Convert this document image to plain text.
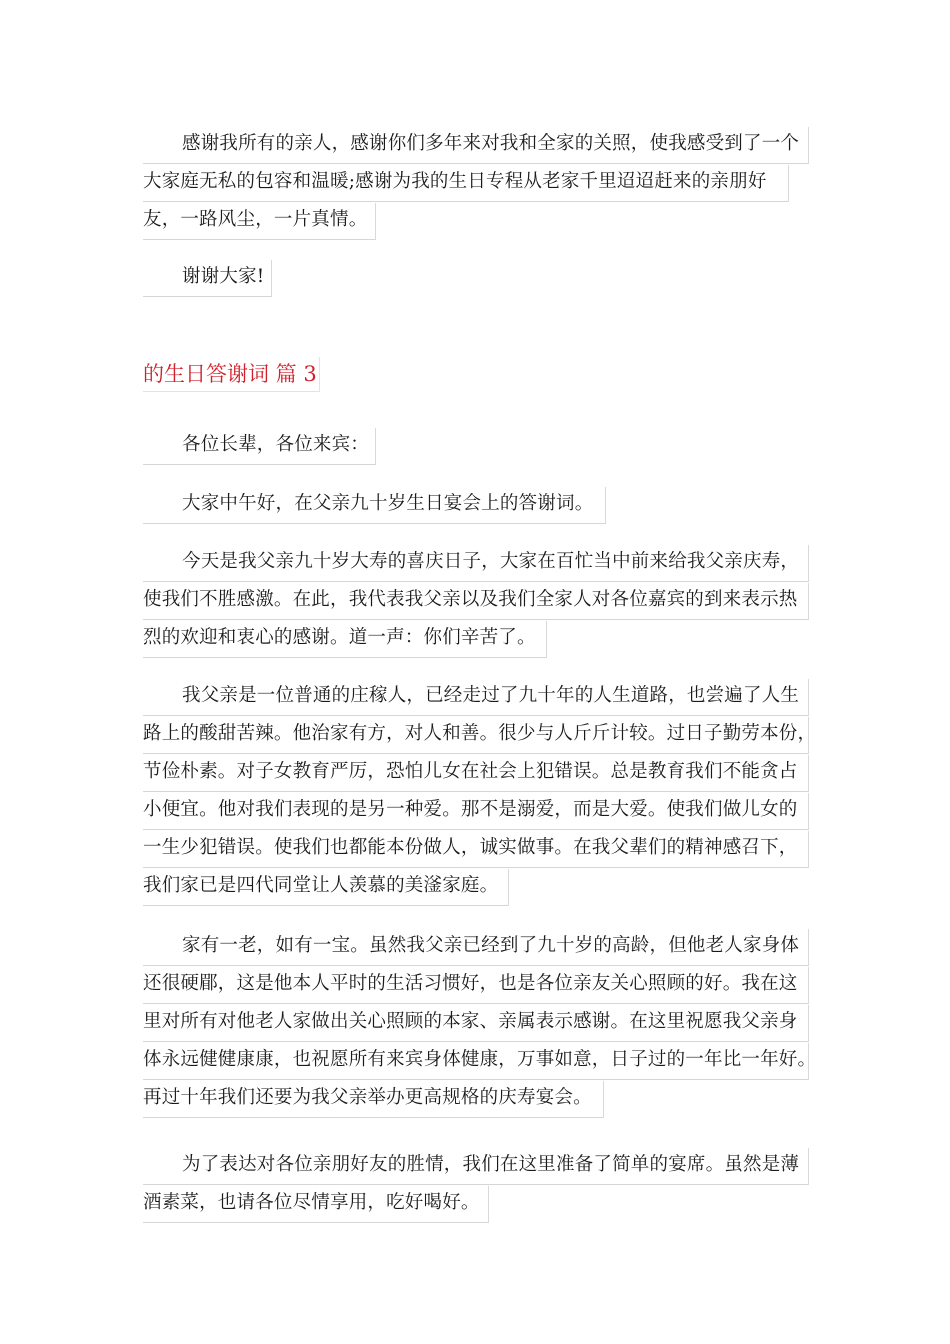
感谢我所有的亲人，感谢你们多年来对我和全家的关照，使我感受到了一个
大家庭无私的包容和温暖;感谢为我的生日专程从老家千里迢迢赶来的亲朋好
友，一路风尘，一片真情。
谢谢大家!
的生日答谢词 篇 3
各位长辈，各位来宾：
大家中午好，在父亲九十岁生日宴会上的答谢词。
今天是我父亲九十岁大寿的喜庆日子，大家在百忙当中前来给我父亲庆寿，
使我们不胜感激。在此，我代表我父亲以及我们全家人对各位嘉宾的到来表示热
烈的欢迎和衷心的感谢。道一声：你们辛苦了。
我父亲是一位普通的庄稼人，已经走过了九十年的人生道路，也尝遍了人生
路上的酸甜苦辣。他治家有方，对人和善。很少与人斤斤计较。过日子勤劳本份，
节俭朴素。对子女教育严厉，恐怕儿女在社会上犯错误。总是教育我们不能贪占
小便宜。他对我们表现的是另一种爱。那不是溺爱，而是大爱。使我们做儿女的
一生少犯错误。使我们也都能本份做人，诚实做事。在我父辈们的精神感召下，
我们家已是四代同堂让人羡慕的美滏家庭。
家有一老，如有一宝。虽然我父亲已经到了九十岁的高龄，但他老人家身体
还很硬郿，这是他本人平时的生活习惯好，也是各位亲友关心照顾的好。我在这
里对所有对他老人家做出关心照顾的本家、亲属表示感谢。在这里祝愿我父亲身
体永远健健康康，也祝愿所有来宾身体健康，万事如意，日子过的一年比一年好。
再过十年我们还要为我父亲举办更高规格的庆寿宴会。
为了表达对各位亲朋好友的胜情，我们在这里准备了简单的宴席。虽然是薄
酒素菜，也请各位尽情享用，吃好喝好。
